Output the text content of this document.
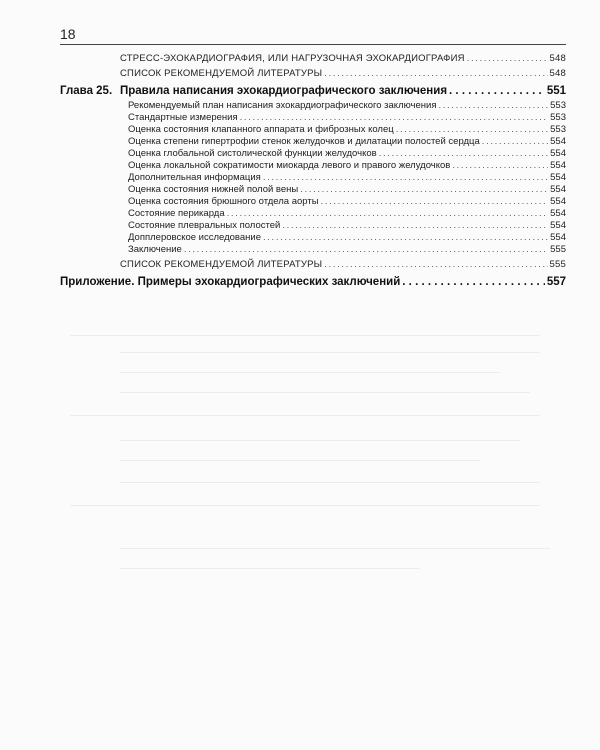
18
СТРЕСС-ЭХОКАРДИОГРАФИЯ, ИЛИ НАГРУЗОЧНАЯ ЭХОКАРДИОГРАФИЯ . . .	548
СПИСОК РЕКОМЕНДУЕМОЙ ЛИТЕРАТУРЫ . . .	548
Глава 25. Правила написания эхокардиографического заключения . . .	551
Рекомендуемый план написания эхокардиографического заключения . . .	553
Стандартные измерения . . .	553
Оценка состояния клапанного аппарата и фиброзных колец . . .	553
Оценка степени гипертрофии стенок желудочков и дилатации полостей сердца . . .	554
Оценка глобальной систолической функции желудочков . . .	554
Оценка локальной сократимости миокарда левого и правого желудочков . . .	554
Дополнительная информация . . .	554
Оценка состояния нижней полой вены . . .	554
Оценка состояния брюшного отдела аорты . . .	554
Состояние перикарда . . .	554
Состояние плевральных полостей . . .	554
Допплеровское исследование . . .	554
Заключение . . .	555
СПИСОК РЕКОМЕНДУЕМОЙ ЛИТЕРАТУРЫ . . .	555
Приложение. Примеры эхокардиографических заключений . . .	557
